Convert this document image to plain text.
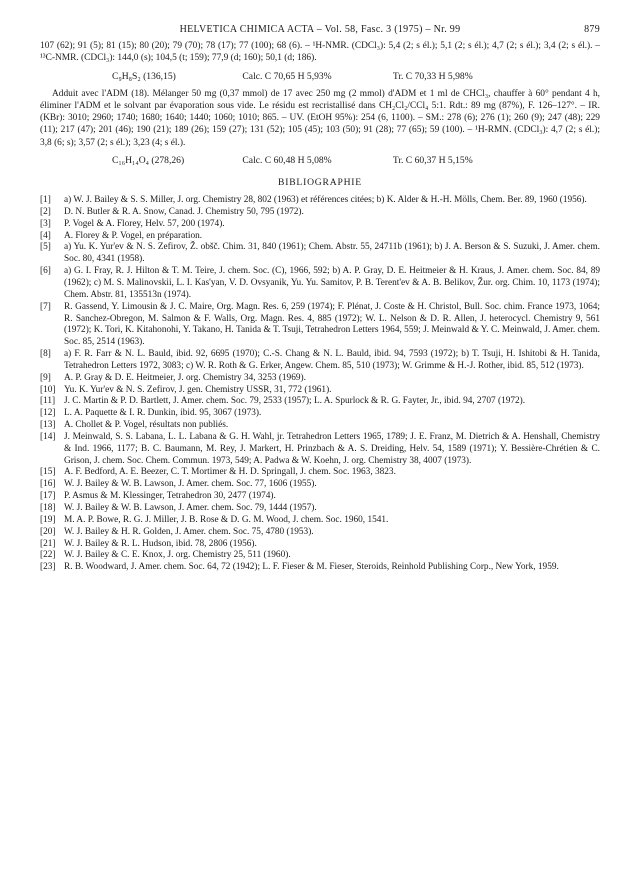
HELVETICA CHIMICA ACTA – Vol. 58, Fasc. 3 (1975) – Nr. 99	879

107 (62); 91 (5); 81 (15); 80 (20); 79 (70); 78 (17); 77 (100); 68 (6). – ¹H-NMR. (CDCl₃): 5,4 (2; s él.); 5,1 (2; s él.); 4,7 (2; s él.); 3,4 (2; s él.). – ¹³C-NMR. (CDCl₃): 144,0 (s); 104,5 (t; 159); 77,9 (d; 160); 50,1 (d; 186).

C₉H₈S₂ (136,15)	Calc. C 70,65 H 5,93%	Tr. C 70,33 H 5,98%

Adduit avec l'ADM (18). Mélanger 50 mg (0,37 mmol) de 17 avec 250 mg (2 mmol) d'ADM et 1 ml de CHCl₃, chauffer à 60° pendant 4 h, éliminer l'ADM et le solvant par évaporation sous vide. Le résidu est recristallisé dans CH₂Cl₂/CCl₄ 5:1. Rdt.: 89 mg (87%), F. 126–127°. – IR. (KBr): 3010; 2960; 1740; 1680; 1640; 1440; 1060; 1010; 865. – UV. (EtOH 95%): 254 (6, 1100). – SM.: 278 (6); 276 (1); 260 (9); 247 (48); 229 (11); 217 (47); 201 (46); 190 (21); 189 (26); 159 (27); 131 (52); 105 (45); 103 (50); 91 (28); 77 (65); 59 (100). – ¹H-RMN. (CDCl₃): 4,7 (2; s él.); 3,8 (6; s); 3,57 (2; s él.); 3,23 (4; s él.).

C₁₆H₁₄O₄ (278,26)	Calc. C 60,48 H 5,08%	Tr. C 60,37 H 5,15%
BIBLIOGRAPHIE

[1] a) W. J. Bailey & S. S. Miller, J. org. Chemistry 28, 802 (1963) et références citées; b) K. Alder & H.-H. Mölls, Chem. Ber. 89, 1960 (1956).

[2] D. N. Butler & R. A. Snow, Canad. J. Chemistry 50, 795 (1972).

[3] P. Vogel & A. Florey, Helv. 57, 200 (1974).

[4] A. Florey & P. Vogel, en préparation.

[5] a) Yu. K. Yur'ev & N. S. Zefirov, Ž. obšč. Chim. 31, 840 (1961); Chem. Abstr. 55, 24711b (1961); b) J. A. Berson & S. Suzuki, J. Amer. chem. Soc. 80, 4341 (1958).

[6] a) G. I. Fray, R. J. Hilton & T. M. Teire, J. chem. Soc. (C), 1966, 592; b) A. P. Gray, D. E. Heitmeier & H. Kraus, J. Amer. chem. Soc. 84, 89 (1962); c) M. S. Malinovskii, L. I. Kas'yan, V. D. Ovsyanik, Yu. Yu. Samitov, P. B. Terent'ev & A. B. Belikov, Žur. org. Chim. 10, 1173 (1974); Chem. Abstr. 81, 135513n (1974).

[7] R. Gassend, Y. Limousin & J. C. Maire, Org. Magn. Res. 6, 259 (1974); F. Plénat, J. Coste & H. Christol, Bull. Soc. chim. France 1973, 1064; R. Sanchez-Obregon, M. Salmon & F. Walls, Org. Magn. Res. 4, 885 (1972); W. L. Nelson & D. R. Allen, J. heterocycl. Chemistry 9, 561 (1972); K. Tori, K. Kitahonohi, Y. Takano, H. Tanida & T. Tsuji, Tetrahedron Letters 1964, 559; J. Meinwald & Y. C. Meinwald, J. Amer. chem. Soc. 85, 2514 (1963).

[8] a) F. R. Farr & N. L. Bauld, ibid. 92, 6695 (1970); C.-S. Chang & N. L. Bauld, ibid. 94, 7593 (1972); b) T. Tsuji, H. Ishitobi & H. Tanida, Tetrahedron Letters 1972, 3083; c) W. R. Roth & G. Erker, Angew. Chem. 85, 510 (1973); W. Grimme & H.-J. Rother, ibid. 85, 512 (1973).

[9] A. P. Gray & D. E. Heitmeier, J. org. Chemistry 34, 3253 (1969).

[10] Yu. K. Yur'ev & N. S. Zefirov, J. gen. Chemistry USSR, 31, 772 (1961).

[11] J. C. Martin & P. D. Bartlett, J. Amer. chem. Soc. 79, 2533 (1957); L. A. Spurlock & R. G. Fayter, Jr., ibid. 94, 2707 (1972).

[12] L. A. Paquette & I. R. Dunkin, ibid. 95, 3067 (1973).

[13] A. Chollet & P. Vogel, résultats non publiés.

[14] J. Meinwald, S. S. Labana, L. L. Labana & G. H. Wahl, jr. Tetrahedron Letters 1965, 1789; J. E. Franz, M. Dietrich & A. Henshall, Chemistry & Ind. 1966, 1177; B. C. Baumann, M. Rey, J. Markert, H. Prinzbach & A. S. Dreiding, Helv. 54, 1589 (1971); Y. Bessière-Chrétien & C. Grison, J. chem. Soc. Chem. Commun. 1973, 549; A. Padwa & W. Koehn, J. org. Chemistry 38, 4007 (1973).

[15] A. F. Bedford, A. E. Beezer, C. T. Mortimer & H. D. Springall, J. chem. Soc. 1963, 3823.

[16] W. J. Bailey & W. B. Lawson, J. Amer. chem. Soc. 77, 1606 (1955).

[17] P. Asmus & M. Klessinger, Tetrahedron 30, 2477 (1974).

[18] W. J. Bailey & W. B. Lawson, J. Amer. chem. Soc. 79, 1444 (1957).

[19] M. A. P. Bowe, R. G. J. Miller, J. B. Rose & D. G. M. Wood, J. chem. Soc. 1960, 1541.

[20] W. J. Bailey & H. R. Golden, J. Amer. chem. Soc. 75, 4780 (1953).

[21] W. J. Bailey & R. L. Hudson, ibid. 78, 2806 (1956).

[22] W. J. Bailey & C. E. Knox, J. org. Chemistry 25, 511 (1960).

[23] R. B. Woodward, J. Amer. chem. Soc. 64, 72 (1942); L. F. Fieser & M. Fieser, Steroids, Reinhold Publishing Corp., New York, 1959.
